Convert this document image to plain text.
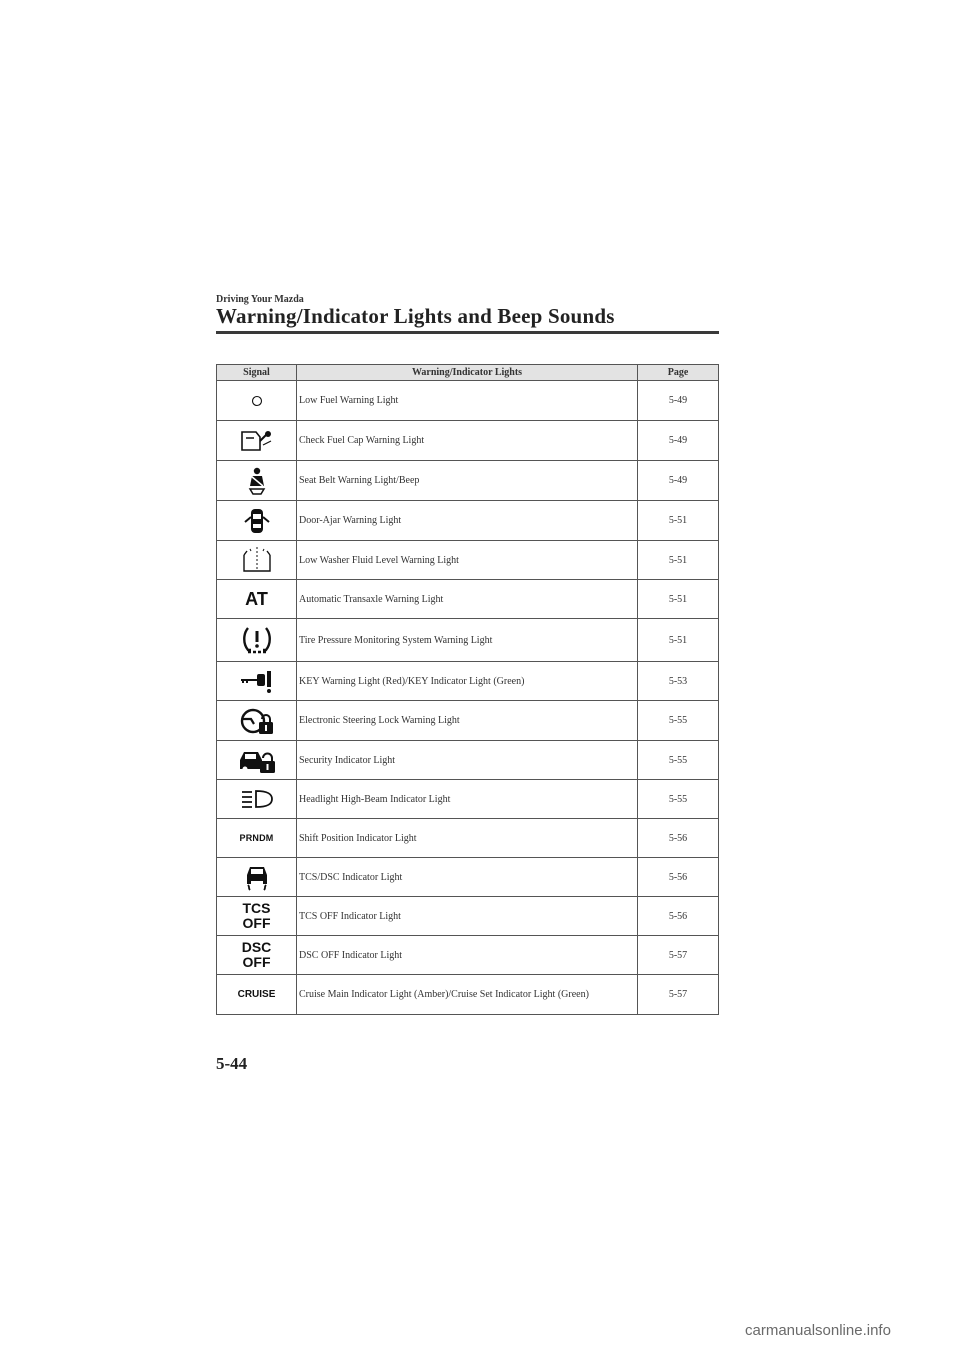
Driving Your Mazda
Warning/Indicator Lights and Beep Sounds
Signal	Warning/Indicator Lights	Page

	Low Fuel Warning Light	5-49

	Check Fuel Cap Warning Light	5-49

	Seat Belt Warning Light/Beep	5-49

	Door-Ajar Warning Light	5-51

	Low Washer Fluid Level Warning Light	5-51
AT	Automatic Transaxle Warning Light	5-51

	Tire Pressure Monitoring System Warning Light	5-51

	KEY Warning Light (Red)/KEY Indicator Light (Green)	5-53

	Electronic Steering Lock Warning Light	5-55

	Security Indicator Light	5-55

	Headlight High-Beam Indicator Light	5-55
PRNDM	Shift Position Indicator Light	5-56

	TCS/DSC Indicator Light	5-56
TCS
OFF	TCS OFF Indicator Light	5-56
DSC
OFF	DSC OFF Indicator Light	5-57
CRUISE	Cruise Main Indicator Light (Amber)/Cruise Set Indicator Light (Green)	5-57
5-44
carmanualsonline.info
